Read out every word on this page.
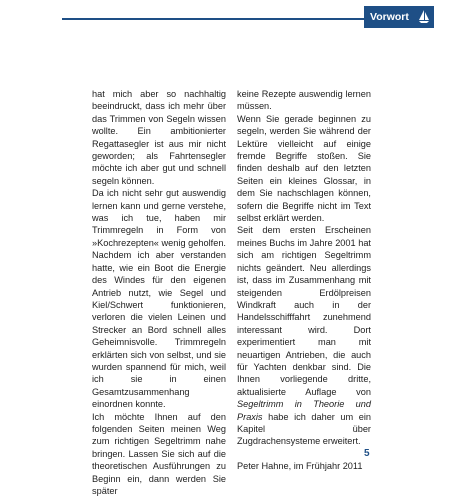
Vorwort

hat mich aber so nachhaltig beeindruckt, dass ich mehr über das Trimmen von Segeln wissen wollte. Ein ambitionierter Regattasegler ist aus mir nicht geworden; als Fahrtensegler möchte ich aber gut und schnell segeln können.

Da ich nicht sehr gut auswendig lernen kann und gerne verstehe, was ich tue, haben mir Trimmregeln in Form von »Kochrezepten« wenig geholfen. Nachdem ich aber verstanden hatte, wie ein Boot die Energie des Windes für den eigenen Antrieb nutzt, wie Segel und Kiel/Schwert funktionieren, verloren die vielen Leinen und Strecker an Bord schnell alles Geheimnisvolle. Trimmregeln erklärten sich von selbst, und sie wurden spannend für mich, weil ich sie in einen Gesamtzusammenhang einordnen konnte.

Ich möchte Ihnen auf den folgenden Seiten meinen Weg zum richtigen Segeltrimm nahe bringen. Lassen Sie sich auf die theoretischen Ausführungen zu Beginn ein, dann werden Sie später

keine Rezepte auswendig lernen müssen.

Wenn Sie gerade beginnen zu segeln, werden Sie während der Lektüre vielleicht auf einige fremde Begriffe stoßen. Sie finden deshalb auf den letzten Seiten ein kleines Glossar, in dem Sie nachschlagen können, sofern die Begriffe nicht im Text selbst erklärt werden.

Seit dem ersten Erscheinen meines Buchs im Jahre 2001 hat sich am richtigen Segeltrimm nichts geändert. Neu allerdings ist, dass im Zusammenhang mit steigenden Erdölpreisen Windkraft auch in der Handelsschifffahrt zunehmend interessant wird. Dort experimentiert man mit neuartigen Antrieben, die auch für Yachten denkbar sind. Die Ihnen vorliegende dritte, aktualisierte Auflage von Segeltrimm in Theorie und Praxis habe ich daher um ein Kapitel über Zugdrachensysteme erweitert.

Peter Hahne, im Frühjahr 2011

5
